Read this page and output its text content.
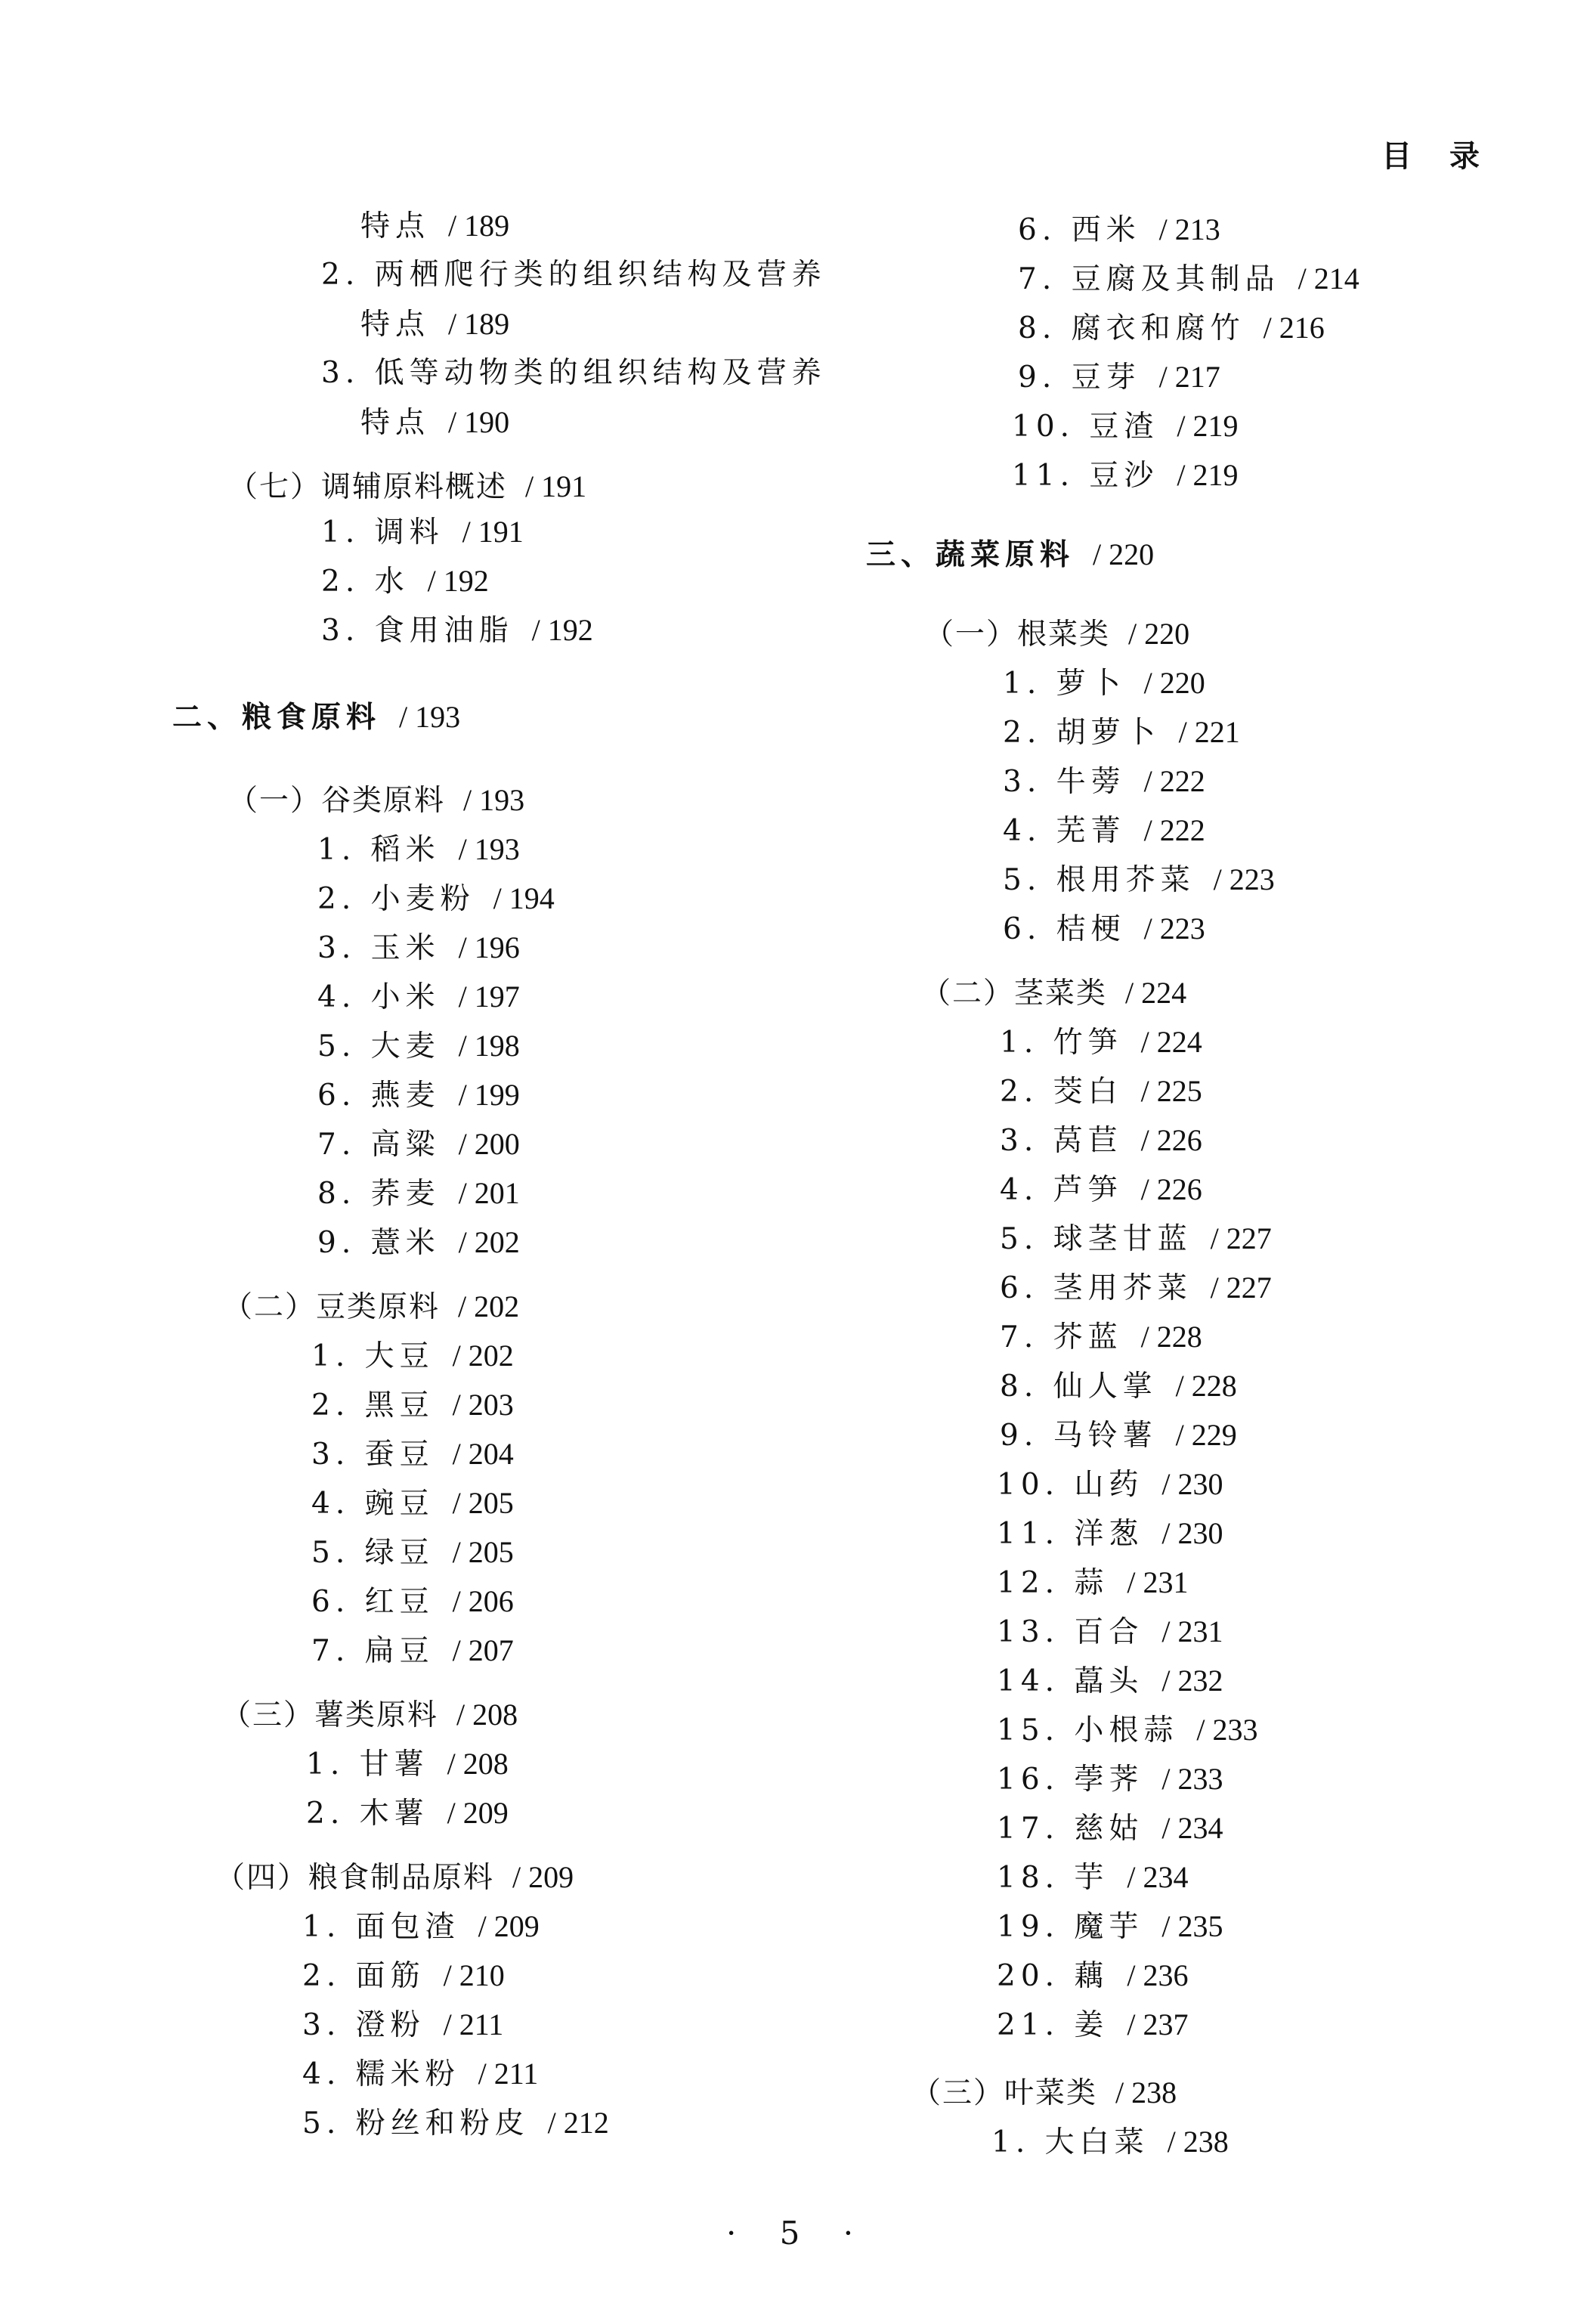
目 录
特点 / 189
2. 两栖爬行类的组织结构及营养
特点 / 189
3. 低等动物类的组织结构及营养
特点 / 190
（七）调辅原料概述 / 191
1. 调料 / 191
2. 水 / 192
3. 食用油脂 / 192
二、粮食原料 / 193
（一）谷类原料 / 193
1. 稻米 / 193
2. 小麦粉 / 194
3. 玉米 / 196
4. 小米 / 197
5. 大麦 / 198
6. 燕麦 / 199
7. 高粱 / 200
8. 荞麦 / 201
9. 薏米 / 202
（二）豆类原料 / 202
1. 大豆 / 202
2. 黑豆 / 203
3. 蚕豆 / 204
4. 豌豆 / 205
5. 绿豆 / 205
6. 红豆 / 206
7. 扁豆 / 207
（三）薯类原料 / 208
1. 甘薯 / 208
2. 木薯 / 209
（四）粮食制品原料 / 209
1. 面包渣 / 209
2. 面筋 / 210
3. 澄粉 / 211
4. 糯米粉 / 211
5. 粉丝和粉皮 / 212
6. 西米 / 213
7. 豆腐及其制品 / 214
8. 腐衣和腐竹 / 216
9. 豆芽 / 217
10. 豆渣 / 219
11. 豆沙 / 219
三、蔬菜原料 / 220
（一）根菜类 / 220
1. 萝卜 / 220
2. 胡萝卜 / 221
3. 牛蒡 / 222
4. 芜菁 / 222
5. 根用芥菜 / 223
6. 桔梗 / 223
（二）茎菜类 / 224
1. 竹笋 / 224
2. 茭白 / 225
3. 莴苣 / 226
4. 芦笋 / 226
5. 球茎甘蓝 / 227
6. 茎用芥菜 / 227
7. 芥蓝 / 228
8. 仙人掌 / 228
9. 马铃薯 / 229
10. 山药 / 230
11. 洋葱 / 230
12. 蒜 / 231
13. 百合 / 231
14. 藠头 / 232
15. 小根蒜 / 233
16. 荸荠 / 233
17. 慈姑 / 234
18. 芋 / 234
19. 魔芋 / 235
20. 藕 / 236
21. 姜 / 237
（三）叶菜类 / 238
1. 大白菜 / 238
· 5 ·
